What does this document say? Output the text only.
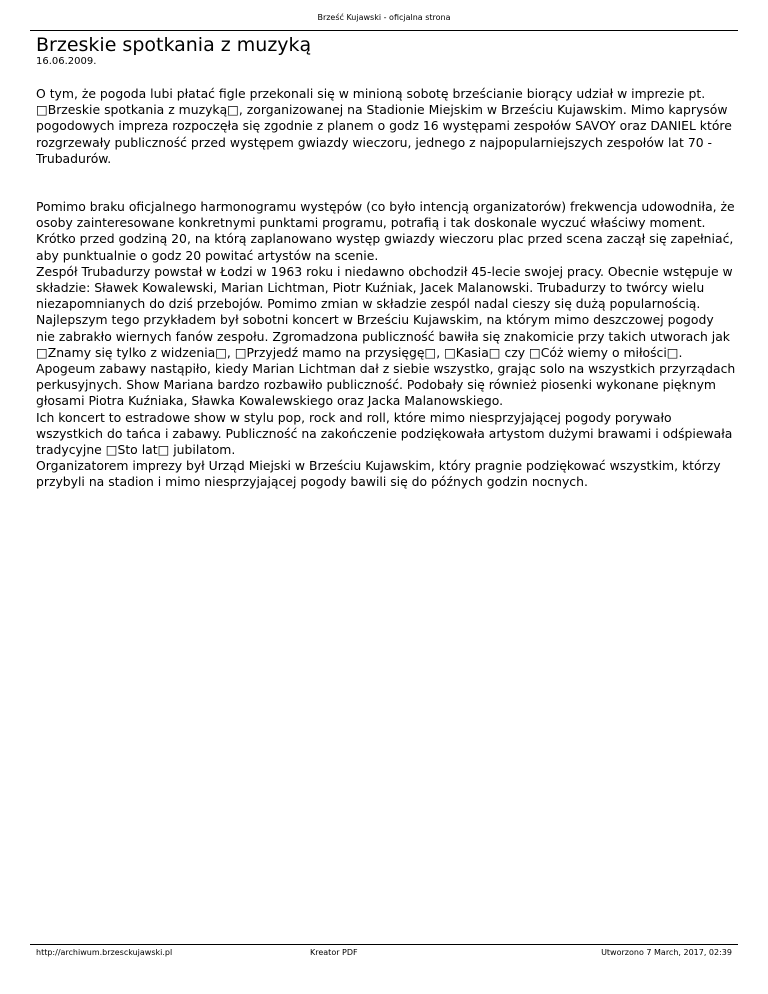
Brześć Kujawski - oficjalna strona
Brzeskie spotkania z muzyką
16.06.2009.

O tym, że pogoda lubi płatać figle przekonali się w minioną sobotę brześcianie biorący udział w imprezie pt. □Brzeskie spotkania z muzyką□, zorganizowanej na Stadionie Miejskim w Brześciu Kujawskim. Mimo kaprysów pogodowych impreza rozpoczęła się zgodnie z planem o godz 16 występami zespołów SAVOY oraz DANIEL które rozgrzewały publiczność przed występem gwiazdy wieczoru, jednego z najpopularniejszych zespołów lat 70 -Trubadurów.

Pomimo braku oficjalnego harmonogramu występów (co było intencją organizatorów) frekwencja udowodniła, że osoby zainteresowane konkretnymi punktami programu, potrafią i tak doskonale wyczuć właściwy moment. Krótko przed godziną 20, na którą zaplanowano występ gwiazdy wieczoru plac przed scena zaczął się zapełniać, aby punktualnie o godz 20 powitać artystów na scenie.

Zespół Trubadurzy powstał w Łodzi w 1963 roku i niedawno obchodził 45-lecie swojej pracy. Obecnie wstępuje w składzie: Sławek Kowalewski, Marian Lichtman, Piotr Kuźniak, Jacek Malanowski. Trubadurzy to twórcy wielu niezapomnianych do dziś przebojów. Pomimo zmian w składzie zespól nadal cieszy się dużą popularnością. Najlepszym tego przykładem był sobotni koncert w Brześciu Kujawskim, na którym mimo deszczowej pogody nie zabrakło wiernych fanów zespołu. Zgromadzona publiczność bawiła się znakomicie przy takich utworach jak □Znamy się tylko z widzenia□, □Przyjedź mamo na przysięgę□, □Kasia□ czy □Cóż wiemy o miłości□. Apogeum zabawy nastąpiło, kiedy Marian Lichtman dał z siebie wszystko, grając solo na wszystkich przyrządach perkusyjnych. Show Mariana bardzo rozbawiło publiczność. Podobały się również piosenki wykonane pięknym głosami Piotra Kuźniaka, Sławka Kowalewskiego oraz Jacka Malanowskiego.

Ich koncert to estradowe show w stylu pop, rock and roll, które mimo niesprzyjającej pogody porywało wszystkich do tańca i zabawy. Publiczność na zakończenie podziękowała artystom dużymi brawami i odśpiewała tradycyjne □Sto lat□ jubilatom.

Organizatorem imprezy był Urząd Miejski w Brześciu Kujawskim, który pragnie podziękować wszystkim, którzy przybyli na stadion i mimo niesprzyjającej pogody bawili się do późnych godzin nocnych.

http://archiwum.brzesckujawski.pl	Kreator PDF	Utworzono 7 March, 2017, 02:39
